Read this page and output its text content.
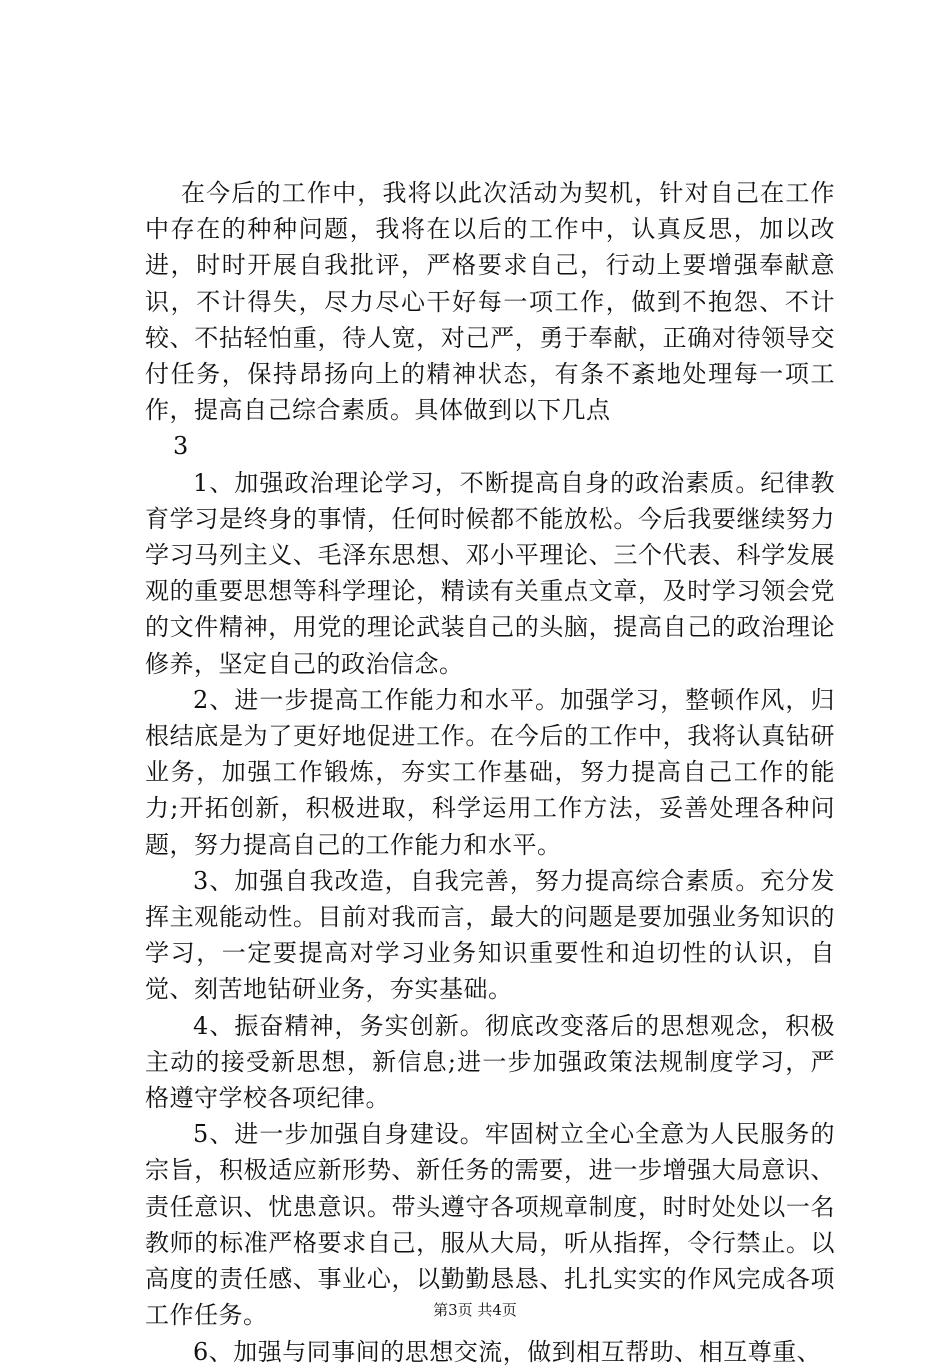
在今后的工作中，我将以此次活动为契机，针对自己在工作中存在的种种问题，我将在以后的工作中，认真反思，加以改进，时时开展自我批评，严格要求自己，行动上要增强奉献意识，不计得失，尽力尽心干好每一项工作，做到不抱怨、不计较、不拈轻怕重，待人宽，对己严，勇于奉献，正确对待领导交付任务，保持昂扬向上的精神状态，有条不紊地处理每一项工作，提高自己综合素质。具体做到以下几点

3

1、加强政治理论学习，不断提高自身的政治素质。纪律教育学习是终身的事情，任何时候都不能放松。今后我要继续努力学习马列主义、毛泽东思想、邓小平理论、三个代表、科学发展观的重要思想等科学理论，精读有关重点文章，及时学习领会党的文件精神，用党的理论武装自己的头脑，提高自己的政治理论修养，坚定自己的政治信念。

2、进一步提高工作能力和水平。加强学习，整顿作风，归根结底是为了更好地促进工作。在今后的工作中，我将认真钻研业务，加强工作锻炼，夯实工作基础，努力提高自己工作的能力;开拓创新，积极进取，科学运用工作方法，妥善处理各种问题，努力提高自己的工作能力和水平。

3、加强自我改造，自我完善，努力提高综合素质。充分发挥主观能动性。目前对我而言，最大的问题是要加强业务知识的学习，一定要提高对学习业务知识重要性和迫切性的认识，自觉、刻苦地钻研业务，夯实基础。

4、振奋精神，务实创新。彻底改变落后的思想观念，积极主动的接受新思想，新信息;进一步加强政策法规制度学习，严格遵守学校各项纪律。

5、进一步加强自身建设。牢固树立全心全意为人民服务的宗旨，积极适应新形势、新任务的需要，进一步增强大局意识、责任意识、忧患意识。带头遵守各项规章制度，时时处处以一名教师的标准严格要求自己，服从大局，听从指挥，令行禁止。以高度的责任感、事业心，以勤勤恳恳、扎扎实实的作风完成各项工作任务。

6、加强与同事间的思想交流，做到相互帮助、相互尊重、

第3页 共4页
